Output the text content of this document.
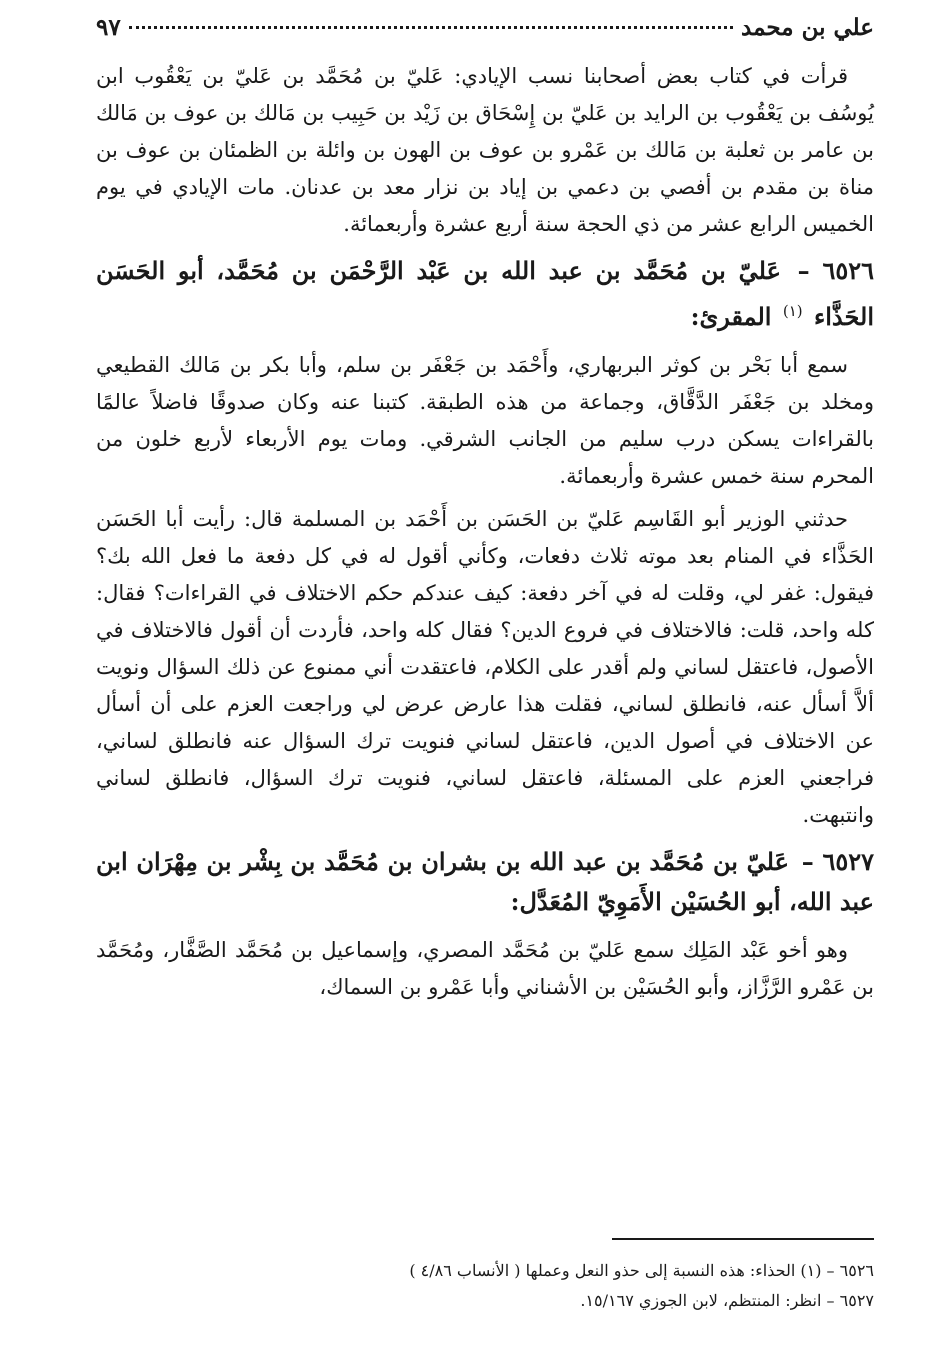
علي بن محمد
٩٧

قرأت في كتاب بعض أصحابنا نسب الإيادي: عَليّ بن مُحَمَّد بن عَليّ بن يَعْقُوب ابن يُوسُف بن يَعْقُوب بن الرايد بن عَليّ بن إِسْحَاق بن زَيْد بن حَبِيب بن مَالك بن عوف بن مَالك بن عامر بن ثعلبة بن مَالك بن عَمْرو بن عوف بن الهون بن وائلة بن الظمئان بن عوف بن مناة بن مقدم بن أفصي بن دعمي بن إياد بن نزار معد بن عدنان. مات الإيادي في يوم الخميس الرابع عشر من ذي الحجة سنة أربع عشرة وأربعمائة.

٦٥٢٦ – عَليّ بن مُحَمَّد بن عبد الله بن عَبْد الرَّحْمَن بن مُحَمَّد، أبو الحَسَن الحَذَّاء $^{(١)}$ المقرئ:

سمع أبا بَحْر بن كوثر البربهاري، وأَحْمَد بن جَعْفَر بن سلم، وأبا بكر بن مَالك القطيعي ومخلد بن جَعْفَر الدَّقَّاق، وجماعة من هذه الطبقة. كتبنا عنه وكان صدوقًا فاضلاً عالمًا بالقراءات يسكن درب سليم من الجانب الشرقي. ومات يوم الأربعاء لأربع خلون من المحرم سنة خمس عشرة وأربعمائة.

حدثني الوزير أبو القَاسِم عَليّ بن الحَسَن بن أَحْمَد بن المسلمة قال: رأيت أبا الحَسَن الحَذَّاء في المنام بعد موته ثلاث دفعات، وكأني أقول له في كل دفعة ما فعل الله بك؟ فيقول: غفر لي، وقلت له في آخر دفعة: كيف عندكم حكم الاختلاف في القراءات؟ فقال: كله واحد، قلت: فالاختلاف في فروع الدين؟ فقال كله واحد، فأردت أن أقول فالاختلاف في الأصول، فاعتقل لساني ولم أقدر على الكلام، فاعتقدت أني ممنوع عن ذلك السؤال ونويت ألاَّ أسأل عنه، فانطلق لساني، فقلت هذا عارض عرض لي وراجعت العزم على أن أسأل عن الاختلاف في أصول الدين، فاعتقل لساني فنويت ترك السؤال عنه فانطلق لساني، فراجعني العزم على المسئلة، فاعتقل لساني، فنويت ترك السؤال، فانطلق لساني وانتبهت.

٦٥٢٧ – عَليّ بن مُحَمَّد بن عبد الله بن بشران بن مُحَمَّد بن بِشْر بن مِهْرَان ابن عبد الله، أبو الحُسَيْن الأَمَوِيّ المُعَدَّل:

وهو أخو عَبْد المَلِك سمع عَليّ بن مُحَمَّد المصري، وإسماعيل بن مُحَمَّد الصَّفَّار، ومُحَمَّد بن عَمْرو الرَّزَّاز، وأبو الحُسَيْن بن الأشناني وأبا عَمْرو بن السماك،

٦٥٢٦ – (١) الحذاء: هذه النسبة إلى حذو النعل وعملها ( الأنساب ٤/٨٦ )

٦٥٢٧ – انظر: المنتظم، لابن الجوزي ١٥/١٦٧.
